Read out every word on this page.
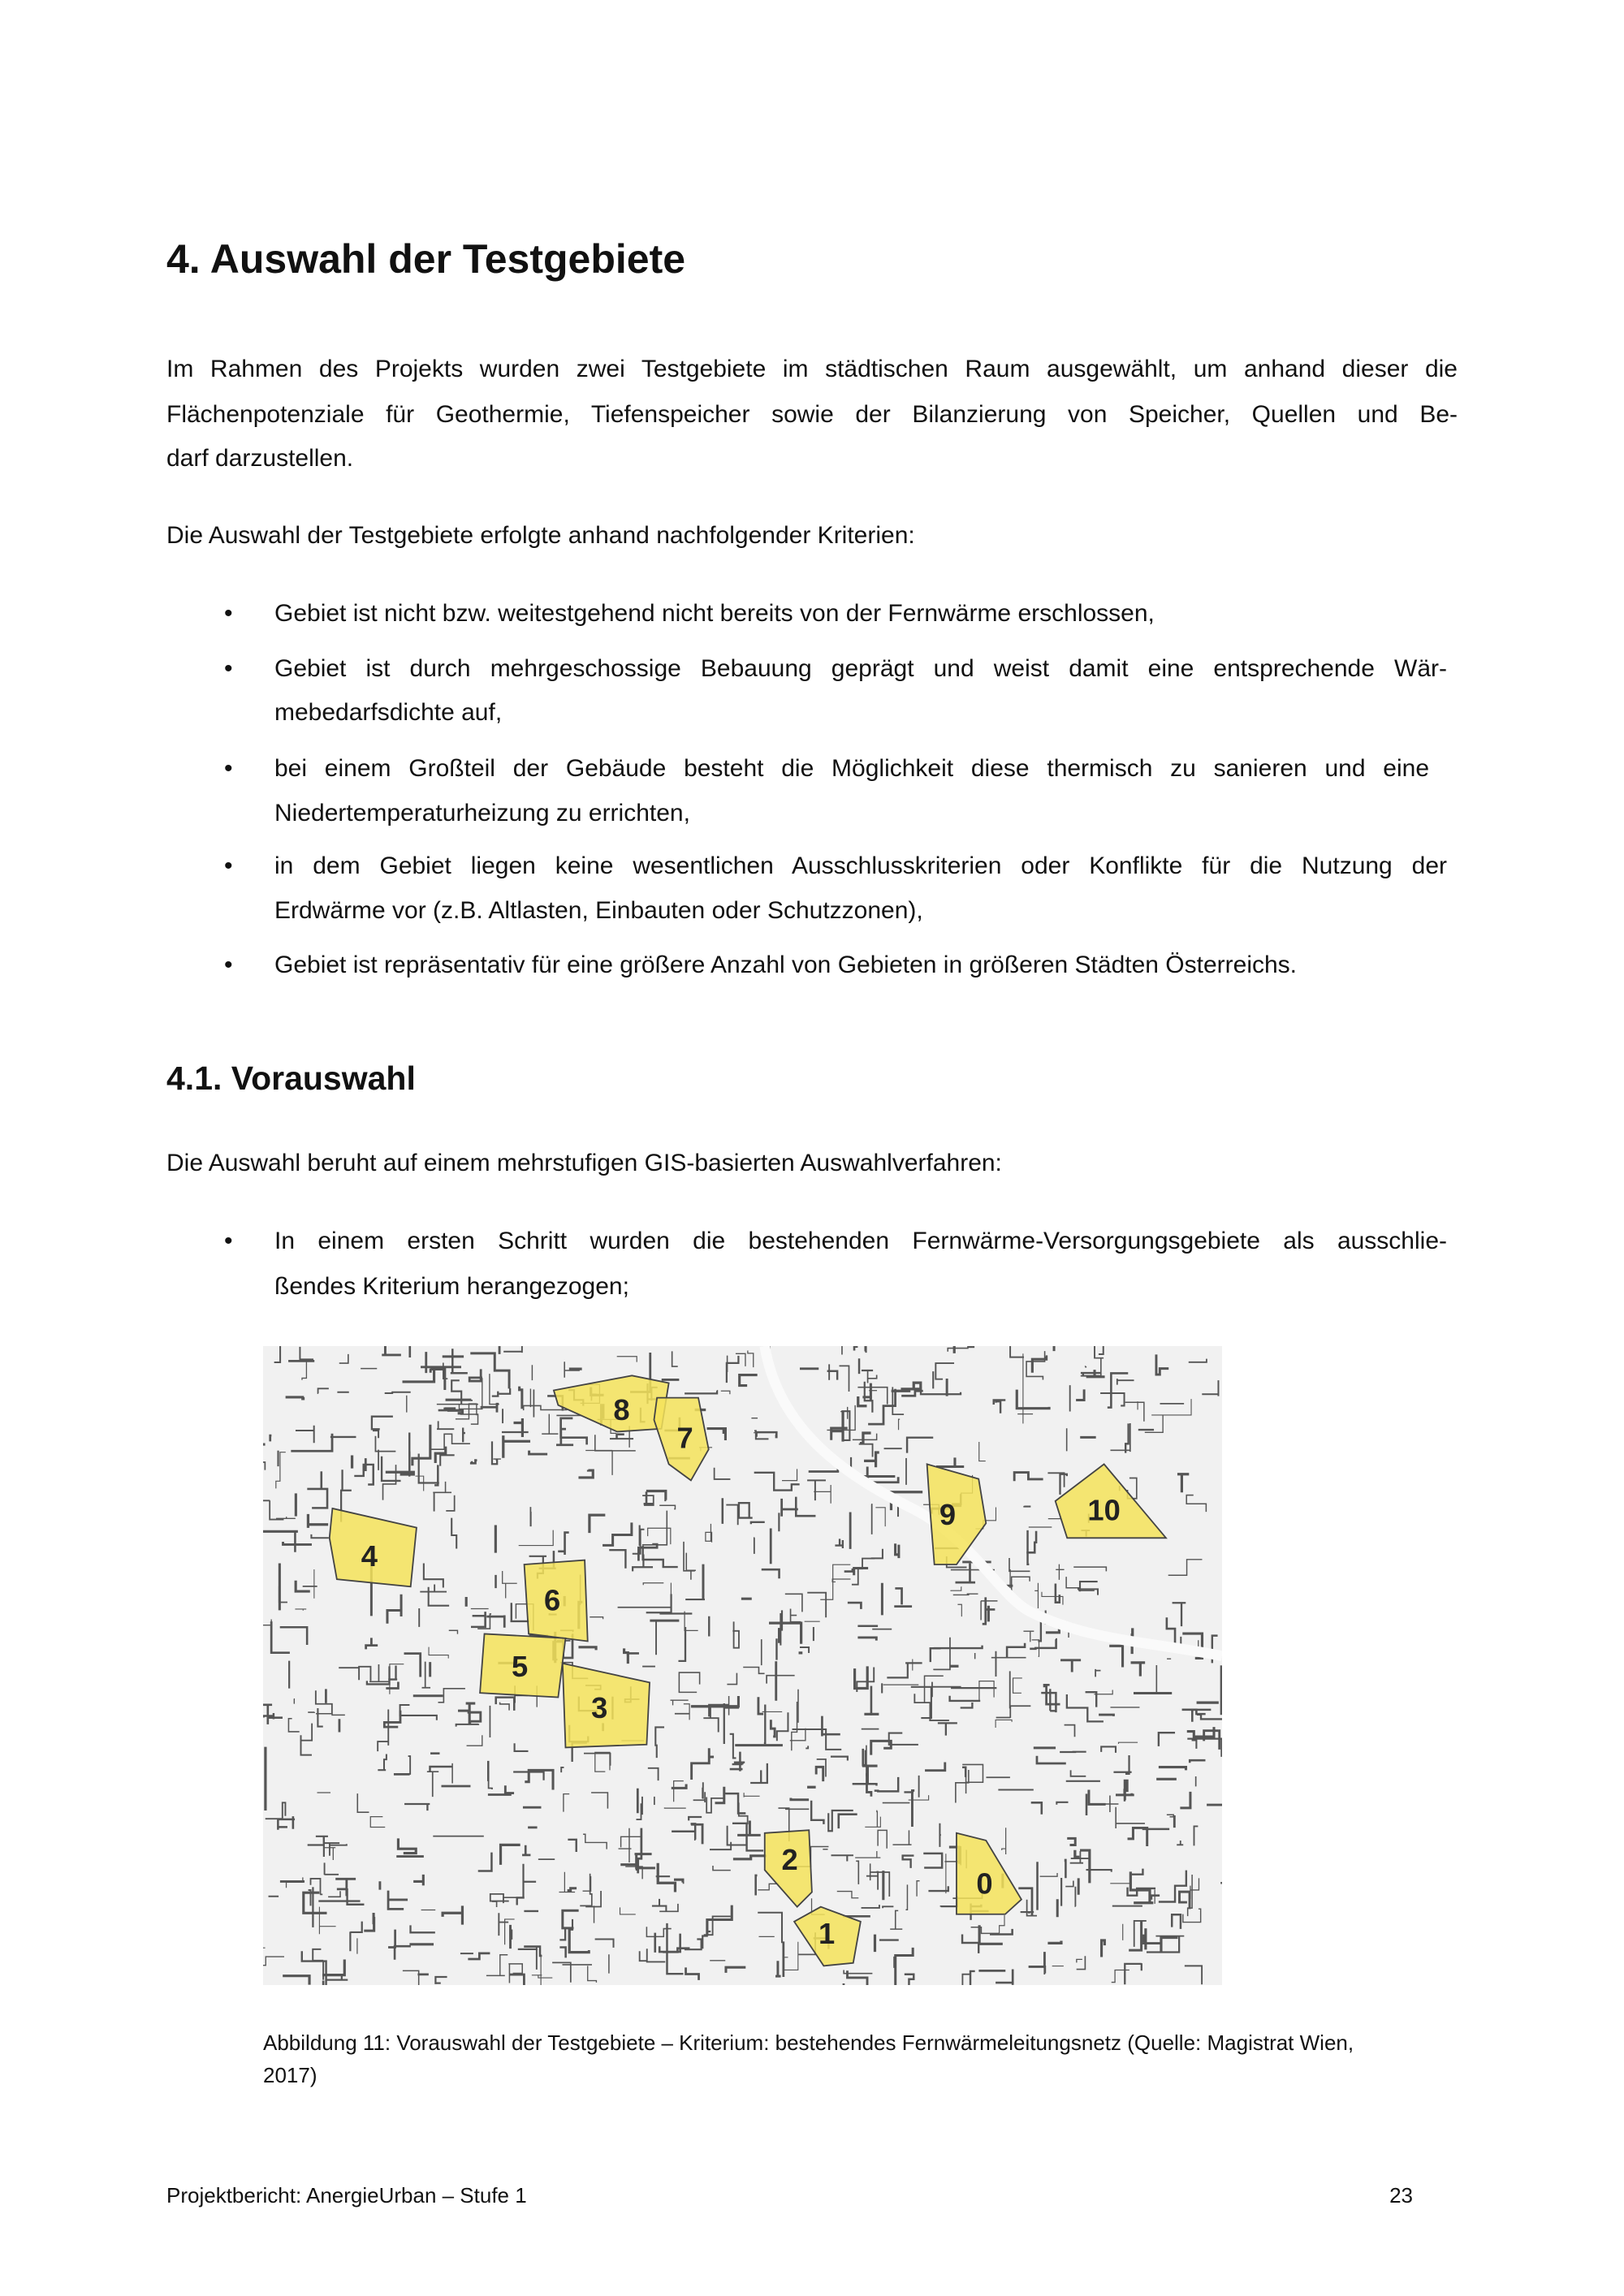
4. Auswahl der Testgebiete
Im Rahmen des Projekts wurden zwei Testgebiete im städtischen Raum ausgewählt, um anhand dieser die
Flächenpotenziale für Geothermie, Tiefenspeicher sowie der Bilanzierung von Speicher, Quellen und Be-
darf darzustellen.
Die Auswahl der Testgebiete erfolgte anhand nachfolgender Kriterien:
• Gebiet ist nicht bzw. weitestgehend nicht bereits von der Fernwärme erschlossen,
• Gebiet ist durch mehrgeschossige Bebauung geprägt und weist damit eine entsprechende Wär-
mebedarfsdichte auf,
• bei einem Großteil der Gebäude besteht die Möglichkeit diese thermisch zu sanieren und eine
Niedertemperaturheizung zu errichten,
• in dem Gebiet liegen keine wesentlichen Ausschlusskriterien oder Konflikte für die Nutzung der
Erdwärme vor (z.B. Altlasten, Einbauten oder Schutzzonen),
• Gebiet ist repräsentativ für eine größere Anzahl von Gebieten in größeren Städten Österreichs.
4.1. Vorauswahl
Die Auswahl beruht auf einem mehrstufigen GIS-basierten Auswahlverfahren:
• In einem ersten Schritt wurden die bestehenden Fernwärme-Versorgungsgebiete als ausschlie-
ßendes Kriterium herangezogen;
8
7
4
6
5
3
9	10
2
1
0
Abbildung 11: Vorauswahl der Testgebiete – Kriterium: bestehendes Fernwärmeleitungsnetz (Quelle: Magistrat Wien,
2017)
Projektbericht: AnergieUrban – Stufe 1	23
